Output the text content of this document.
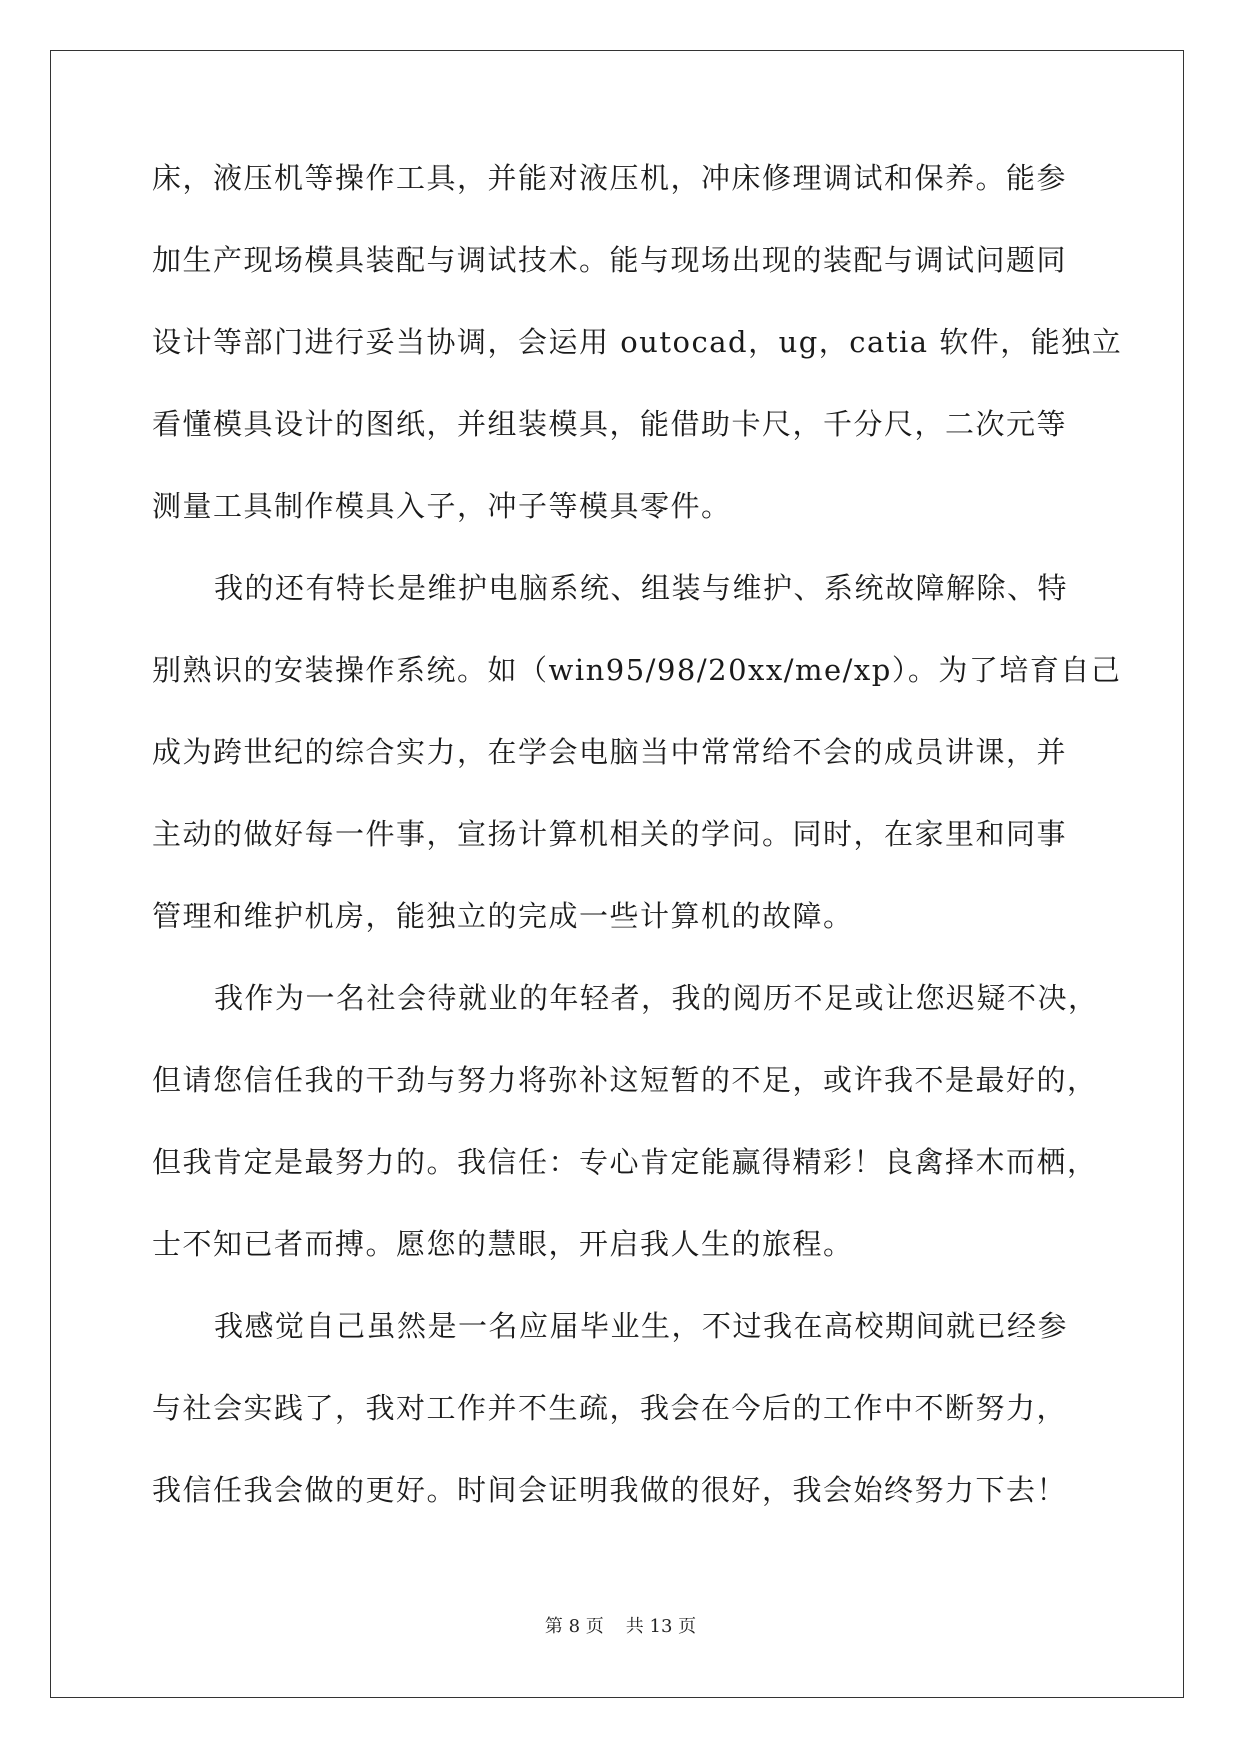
床，液压机等操作工具，并能对液压机，冲床修理调试和保养。能参
加生产现场模具装配与调试技术。能与现场出现的装配与调试问题同
设计等部门进行妥当协调，会运用 outocad，ug，catia 软件，能独立
看懂模具设计的图纸，并组装模具，能借助卡尺，千分尺，二次元等
测量工具制作模具入子，冲子等模具零件。
我的还有特长是维护电脑系统、组装与维护、系统故障解除、特
别熟识的安装操作系统。如（win95/98/20xx/me/xp）。为了培育自己
成为跨世纪的综合实力，在学会电脑当中常常给不会的成员讲课，并
主动的做好每一件事，宣扬计算机相关的学问。同时，在家里和同事
管理和维护机房，能独立的完成一些计算机的故障。
我作为一名社会待就业的年轻者，我的阅历不足或让您迟疑不决，
但请您信任我的干劲与努力将弥补这短暂的不足，或许我不是最好的，
但我肯定是最努力的。我信任：专心肯定能赢得精彩！良禽择木而栖，
士不知已者而搏。愿您的慧眼，开启我人生的旅程。
我感觉自己虽然是一名应届毕业生，不过我在高校期间就已经参
与社会实践了，我对工作并不生疏，我会在今后的工作中不断努力，
我信任我会做的更好。时间会证明我做的很好，我会始终努力下去！
第 8 页 共 13 页
